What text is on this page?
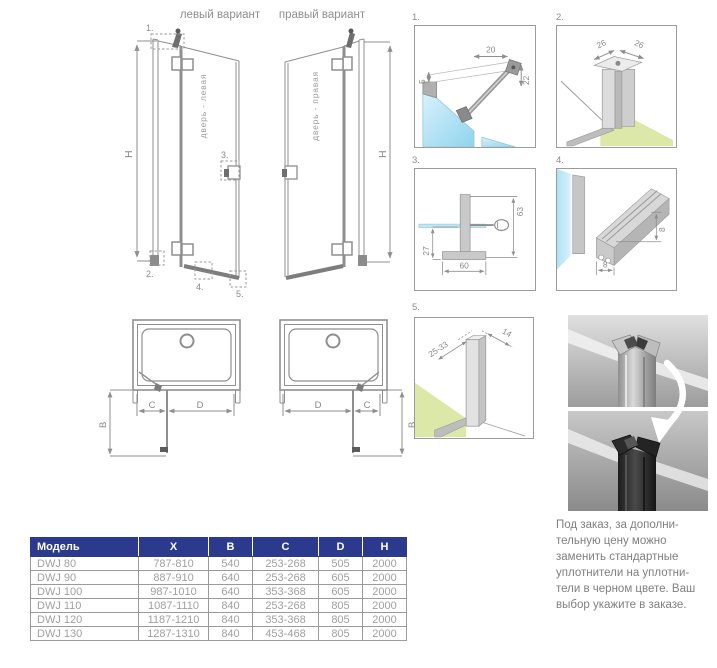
левый вариант	правый вариант
H
дверь - левая
1.
2.
3.
4.
5.
H
дверь - правая
1.
20
5	22
2.
26	26
3.
63
27
60
4.
8
8
5.
25-33
14
Под заказ, за дополни-
тельную цену можно
заменить стандартные
уплотнители на уплотни-
тели в черном цвете. Ваш
выбор укажите в заказе.
C	D
B
D	C
B
Модель	X	B	C	D	H
DWJ 80	787-810	540	253-268	505	2000
DWJ 90	887-910	640	253-268	605	2000
DWJ 100	987-1010	640	353-368	605	2000
DWJ 110	1087-1110	840	253-268	805	2000
DWJ 120	1187-1210	840	353-368	805	2000
DWJ 130	1287-1310	840	453-468	805	2000
